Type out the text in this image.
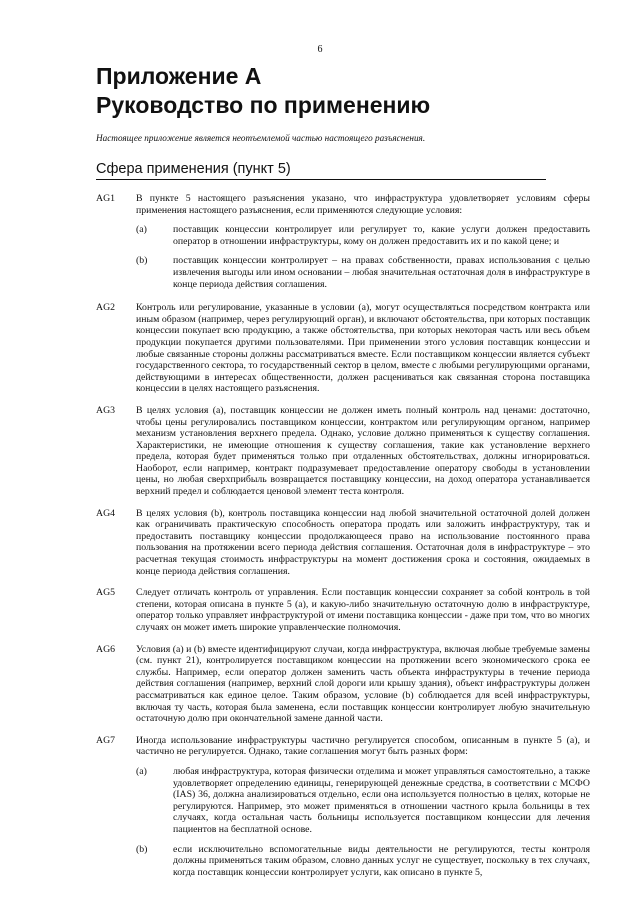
6
Приложение А
Руководство по применению
Настоящее приложение является неотъемлемой частью настоящего разъяснения.
Сфера применения (пункт 5)
AG1	В пункте 5 настоящего разъяснения указано, что инфраструктура удовлетворяет условиям сферы применения настоящего разъяснения, если применяются следующие условия:

(a)	поставщик концессии контролирует или регулирует то, какие услуги должен предоставить оператор в отношении инфраструктуры, кому он должен предоставить их и по какой цене; и
(b)	поставщик концессии контролирует – на правах собственности, правах использования с целью извлечения выгоды или ином основании – любая значительная остаточная доля в инфраструктуре в конце периода действия соглашения.
AG2	Контроль или регулирование, указанные в условии (а), могут осуществляться посредством контракта или иным образом (например, через регулирующий орган), и включают обстоятельства, при которых поставщик концессии покупает всю продукцию, а также обстоятельства, при которых некоторая часть или весь объем продукции покупается другими пользователями. При применении этого условия поставщик концессии и любые связанные стороны должны рассматриваться вместе. Если поставщиком концессии является субъект государственного сектора, то государственный сектор в целом, вместе с любыми регулирующими органами, действующими в интересах общественности, должен расцениваться как связанная сторона поставщика концессии в целях настоящего разъяснения.

AG3	В целях условия (а), поставщик концессии не должен иметь полный контроль над ценами: достаточно, чтобы цены регулировались поставщиком концессии, контрактом или регулирующим органом, например механизм установления верхнего предела. Однако, условие должно применяться к существу соглашения. Характеристики, не имеющие отношения к существу соглашения, такие как установление верхнего предела, которая будет применяться только при отдаленных обстоятельствах, должны игнорироваться. Наоборот, если например, контракт подразумевает предоставление оператору свободы в установлении цены, но любая сверхприбыль возвращается поставщику концессии, на доход оператора устанавливается верхний предел и соблюдается ценовой элемент теста контроля.

AG4	В целях условия (b), контроль поставщика концессии над любой значительной остаточной долей должен как ограничивать практическую способность оператора продать или заложить инфраструктуру, так и предоставить поставщику концессии продолжающееся право на использование постоянного права пользования на протяжении всего периода действия соглашения. Остаточная доля в инфраструктуре – это расчетная текущая стоимость инфраструктуры на момент достижения срока и состояния, ожидаемых в конце периода действия соглашения.

AG5	Следует отличать контроль от управления. Если поставщик концессии сохраняет за собой контроль в той степени, которая описана в пункте 5 (а), и какую-либо значительную остаточную долю в инфраструктуре, оператор только управляет инфраструктурой от имени поставщика концессии - даже при том, что во многих случаях он может иметь широкие управленческие полномочия.

AG6	Условия (а) и (b) вместе идентифицируют случаи, когда инфраструктура, включая любые требуемые замены (см. пункт 21), контролируется поставщиком концессии на протяжении всего экономического срока ее службы. Например, если оператор должен заменить часть объекта инфраструктуры в течение периода действия соглашения (например, верхний слой дороги или крышу здания), объект инфраструктуры должен рассматриваться как единое целое. Таким образом, условие (b) соблюдается для всей инфраструктуры, включая ту часть, которая была заменена, если поставщик концессии контролирует любую значительную остаточную долю при окончательной замене данной части.

AG7	Иногда использование инфраструктуры частично регулируется способом, описанным в пункте 5 (а), и частично не регулируется. Однако, такие соглашения могут быть разных форм:

(a)	любая инфраструктура, которая физически отделима и может управляться самостоятельно, а также удовлетворяет определению единицы, генерирующей денежные средства, в соответствии с МСФО (IAS) 36, должна анализироваться отдельно, если она используется полностью в целях, которые не регулируются. Например, это может применяться в отношении частного крыла больницы в тех случаях, когда остальная часть больницы используется поставщиком концессии для лечения пациентов на бесплатной основе.
(b)	если исключительно вспомогательные виды деятельности не регулируются, тесты контроля должны применяться таким образом, словно данных услуг не существует, поскольку в тех случаях, когда поставщик концессии контролирует услуги, как описано в пункте 5,
